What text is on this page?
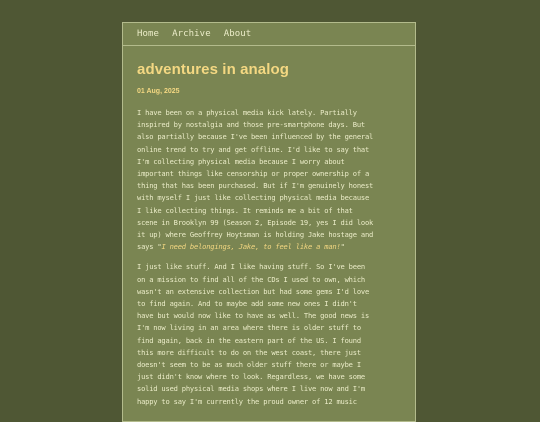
Home Archive About
adventures in analog
01 Aug, 2025

I have been on a physical media kick lately. Partially
inspired by nostalgia and those pre-smartphone days. But
also partially because I've been influenced by the general
online trend to try and get offline. I'd like to say that
I'm collecting physical media because I worry about
important things like censorship or proper ownership of a
thing that has been purchased. But if I'm genuinely honest
with myself I just like collecting physical media because
I like collecting things. It reminds me a bit of that
scene in Brooklyn 99 (Season 2, Episode 19, yes I did look
it up) where Geoffrey Hoytsman is holding Jake hostage and
says "I need belongings, Jake, to feel like a man!"

I just like stuff. And I like having stuff. So I've been
on a mission to find all of the CDs I used to own, which
wasn't an extensive collection but had some gems I'd love
to find again. And to maybe add some new ones I didn't
have but would now like to have as well. The good news is
I'm now living in an area where there is older stuff to
find again, back in the eastern part of the US. I found
this more difficult to do on the west coast, there just
doesn't seem to be as much older stuff there or maybe I
just didn't know where to look. Regardless, we have some
solid used physical media shops where I live now and I'm
happy to say I'm currently the proud owner of 12 music
